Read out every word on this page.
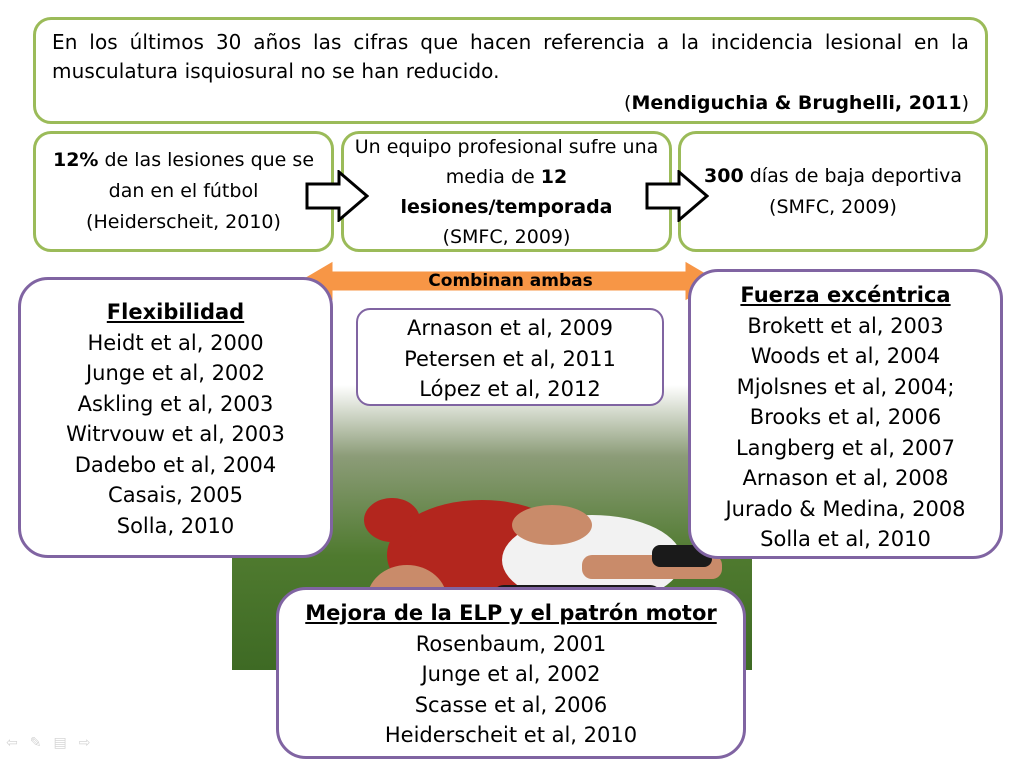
En los últimos 30 años las cifras que hacen referencia a la incidencia lesional en la musculatura isquiosural no se han reducido.
(Mendiguchia & Brughelli, 2011)
12% de las lesiones que se dan en el fútbol
(Heiderscheit, 2010)
Un equipo profesional sufre una media de 12 lesiones/temporada
(SMFC, 2009)
300 días de baja deportiva
(SMFC, 2009)
Combinan ambas
Flexibilidad
Heidt et al, 2000
Junge et al, 2002
Askling et al, 2003
Witrvouw et al, 2003
Dadebo et al, 2004
Casais, 2005
Solla, 2010
Arnason et al, 2009
Petersen et al, 2011
López et al, 2012
Fuerza excéntrica
Brokett et al, 2003
Woods et al, 2004
Mjolsnes et al, 2004;
Brooks et al, 2006
Langberg et al, 2007
Arnason et al, 2008
Jurado & Medina, 2008
Solla et al, 2010
Mejora de la ELP y el patrón motor
Rosenbaum, 2001
Junge et al, 2002
Scasse et al, 2006
Heiderscheit et al, 2010
⇦ ✎ ▤ ⇨
